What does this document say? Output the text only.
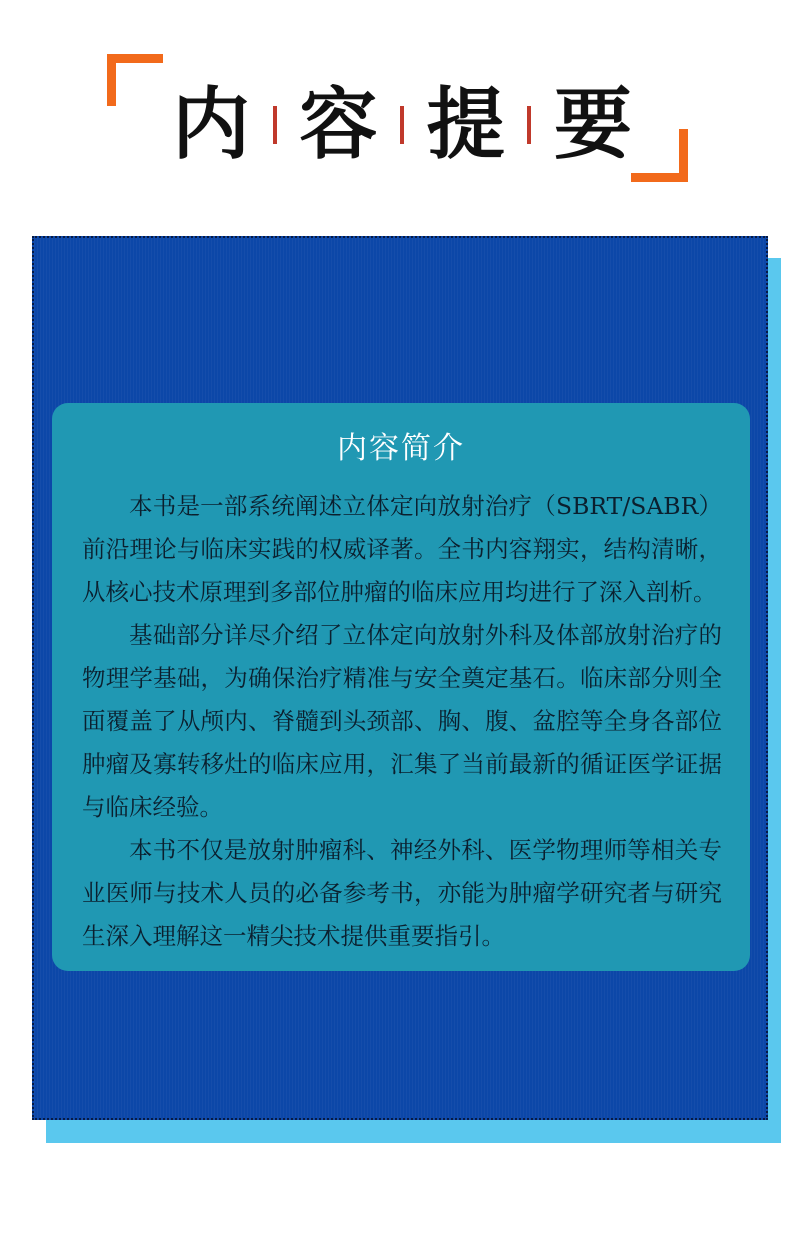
内 容 提 要
内容简介

本书是一部系统阐述立体定向放射治疗（SBRT/SABR）前沿理论与临床实践的权威译著。全书内容翔实，结构清晰，从核心技术原理到多部位肿瘤的临床应用均进行了深入剖析。

基础部分详尽介绍了立体定向放射外科及体部放射治疗的物理学基础，为确保治疗精准与安全奠定基石。临床部分则全面覆盖了从颅内、脊髓到头颈部、胸、腹、盆腔等全身各部位肿瘤及寡转移灶的临床应用，汇集了当前最新的循证医学证据与临床经验。

本书不仅是放射肿瘤科、神经外科、医学物理师等相关专业医师与技术人员的必备参考书，亦能为肿瘤学研究者与研究生深入理解这一精尖技术提供重要指引。
